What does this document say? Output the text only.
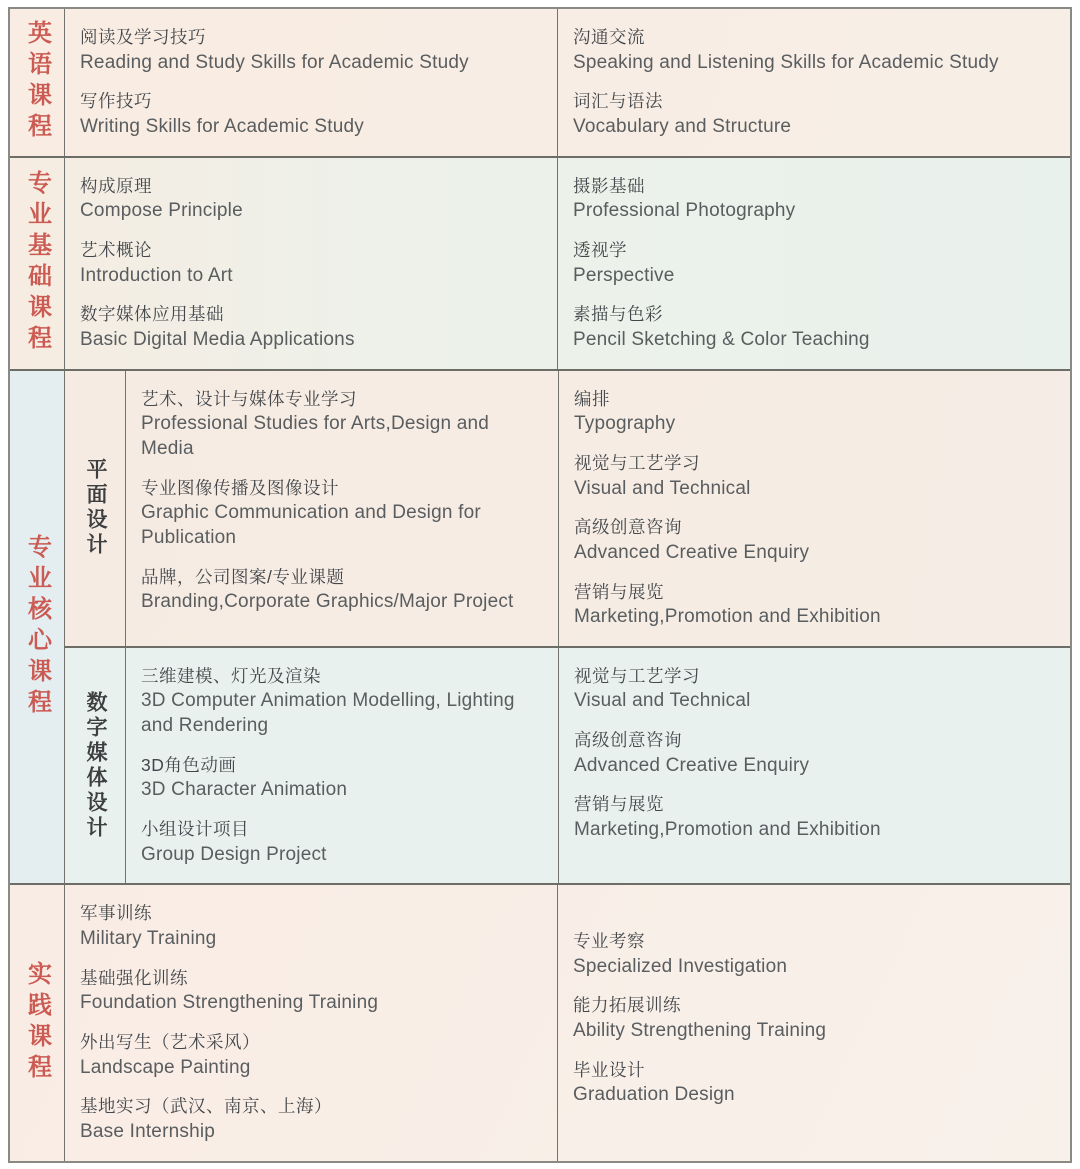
英语课程	阅读及学习技巧
Reading and Study Skills for Academic Study
写作技巧
Writing Skills for Academic Study
沟通交流
Speaking and Listening Skills for Academic Study
词汇与语法
Vocabulary and Structure
专业基础课程	构成原理
Compose Principle
艺术概论
Introduction to Art
数字媒体应用基础
Basic Digital Media Applications
摄影基础
Professional Photography
透视学
Perspective
素描与色彩
Pencil Sketching & Color Teaching
专业核心课程
平面设计
艺术、设计与媒体专业学习
Professional Studies for Arts,Design and Media
专业图像传播及图像设计
Graphic Communication and Design for Publication
品牌，公司图案/专业课题
Branding,Corporate Graphics/Major Project
编排
Typography
视觉与工艺学习
Visual and Technical
高级创意咨询
Advanced Creative Enquiry
营销与展览
Marketing,Promotion and Exhibition
数字媒体设计
三维建模、灯光及渲染
3D Computer Animation Modelling, Lighting and Rendering
3D角色动画
3D Character Animation
小组设计项目
Group Design Project
视觉与工艺学习
Visual and Technical
高级创意咨询
Advanced Creative Enquiry
营销与展览
Marketing,Promotion and Exhibition
实践课程
军事训练
Military Training
基础强化训练
Foundation Strengthening Training
外出写生（艺术采风）
Landscape Painting
基地实习（武汉、南京、上海）
Base Internship
专业考察
Specialized Investigation
能力拓展训练
Ability Strengthening Training
毕业设计
Graduation Design
